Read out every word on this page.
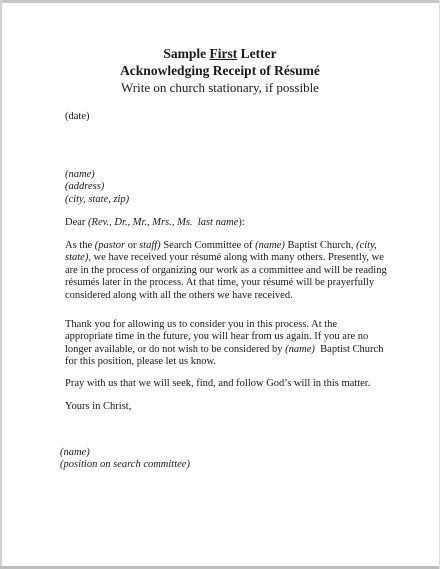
Sample First Letter
Acknowledging Receipt of Résumé
Write on church stationary, if possible
(date)
(name)
(address)
(city, state, zip)
Dear (Rev., Dr., Mr., Mrs., Ms.  last name):
As the (pastor or staff) Search Committee of (name) Baptist Church, (city,
state), we have received your résumé along with many others. Presently, we
are in the process of organizing our work as a committee and will be reading
résumés later in the process. At that time, your résumé will be prayerfully
considered along with all the others we have received.
Thank you for allowing us to consider you in this process. At the
appropriate time in the future, you will hear from us again. If you are no
longer available, or do not wish to be considered by (name)  Baptist Church
for this position, please let us know.
Pray with us that we will seek, find, and follow God’s will in this matter.
Yours in Christ,
(name)
(position on search committee)
